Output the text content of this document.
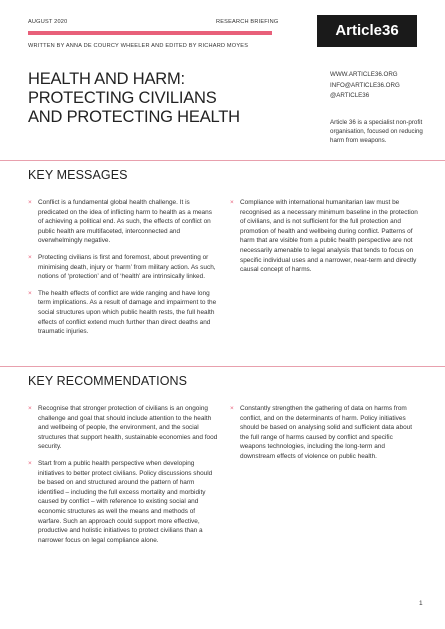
AUGUST 2020	RESEARCH BRIEFING
WRITTEN BY ANNA DE COURCY WHEELER AND EDITED BY RICHARD MOYES
Article36
HEALTH AND HARM:
PROTECTING CIVILIANS
AND PROTECTING HEALTH
WWW.ARTICLE36.ORG
INFO@ARTICLE36.ORG
@ARTICLE36
Article 36 is a specialist non-profit organisation, focused on reducing harm from weapons.
KEY MESSAGES
× Conflict is a fundamental global health challenge. It is predicated on the idea of inflicting harm to health as a means of achieving a political end. As such, the effects of conflict on public health are multifaceted, interconnected and overwhelmingly negative.
× Protecting civilians is first and foremost, about preventing or minimising death, injury or ‘harm’ from military action. As such, notions of ‘protection’ and of ‘health’ are intrinsically linked.
× The health effects of conflict are wide ranging and have long term implications. As a result of damage and impairment to the social structures upon which public health rests, the full health effects of conflict extend much further than direct deaths and traumatic injuries.
× Compliance with international humanitarian law must be recognised as a necessary minimum baseline in the protection of civilians, and is not sufficient for the full protection and promotion of health and wellbeing during conflict. Patterns of harm that are visible from a public health perspective are not necessarily amenable to legal analysis that tends to focus on specific individual uses and a narrower, near-term and directly causal concept of harms.
KEY RECOMMENDATIONS
× Recognise that stronger protection of civilians is an ongoing challenge and goal that should include attention to the health and wellbeing of people, the environment, and the social structures that support health, sustainable economies and food security.
× Start from a public health perspective when developing initiatives to better protect civilians. Policy discussions should be based on and structured around the pattern of harm identified – including the full excess mortality and morbidity caused by conflict – with reference to existing social and economic structures as well the means and methods of warfare. Such an approach could support more effective, productive and holistic initiatives to protect civilians than a narrower focus on legal compliance alone.
× Constantly strengthen the gathering of data on harms from conflict, and on the determinants of harm. Policy initiatives should be based on analysing solid and sufficient data about the full range of harms caused by conflict and specific weapons technologies, including the long-term and downstream effects of violence on public health.
1
